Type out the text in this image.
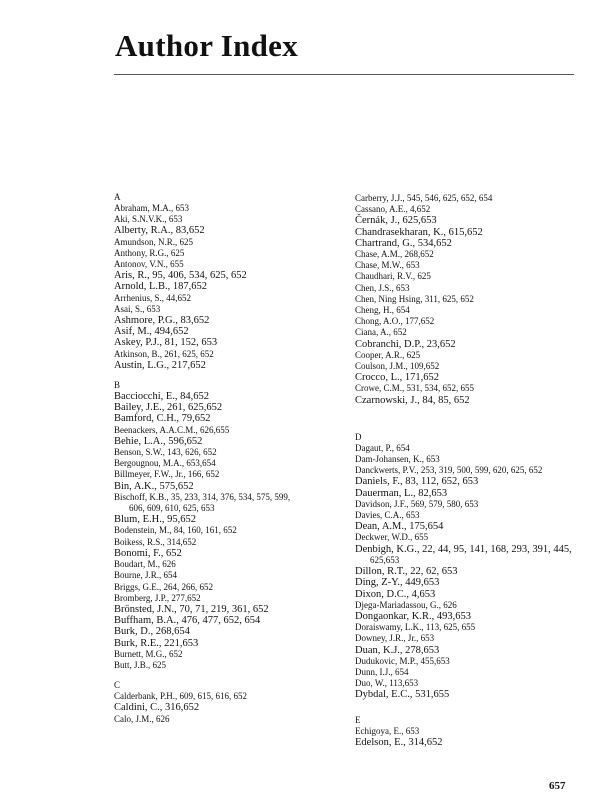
Author Index
A
Abraham, M.A., 653
Aki, S.N.V.K., 653
Alberty, R.A., 83,652
Amundson, N.R., 625
Anthony, R.G., 625
Antonov, V.N., 655
Aris, R., 95, 406, 534, 625, 652
Arnold, L.B., 187,652
Arrhenius, S., 44,652
Asai, S., 653
Ashmore, P.G., 83,652
Asif, M., 494,652
Askey, P.J., 81, 152, 653
Atkinson, B., 261, 625, 652
Austin, L.G., 217,652
B
Bacciocchi, E., 84,652
Bailey, J.E., 261, 625,652
Bamford, C.H., 79,652
Beenackers, A.A.C.M., 626,655
Behie, L.A., 596,652
Benson, S.W., 143, 626, 652
Bergougnou, M.A., 653,654
Billmeyer, F.W., Jr., 166, 652
Bin, A.K., 575,652
Bischoff, K.B., 35, 233, 314, 376, 534, 575, 599,
606, 609, 610, 625, 653
Blum, E.H., 95,652
Bodenstein, M., 84, 160, 161, 652
Boikess, R.S., 314,652
Bonomi, F., 652
Boudart, M., 626
Bourne, J.R., 654
Briggs, G.E., 264, 266, 652
Bromberg, J.P., 277,652
Brönsted, J.N., 70, 71, 219, 361, 652
Buffham, B.A., 476, 477, 652, 654
Burk, D., 268,654
Burk, R.E., 221,653
Burnett, M.G., 652
Butt, J.B., 625
C
Calderbank, P.H., 609, 615, 616, 652
Caldini, C., 316,652
Calo, J.M., 626
Carberry, J.J., 545, 546, 625, 652, 654
Cassano, A.E., 4,652
Černák, J., 625,653
Chandrasekharan, K., 615,652
Chartrand, G., 534,652
Chase, A.M., 268,652
Chase, M.W., 653
Chaudhari, R.V., 625
Chen, J.S., 653
Chen, Ning Hsing, 311, 625, 652
Cheng, H., 654
Chong, A.O., 177,652
Ciana, A., 652
Cobranchi, D.P., 23,652
Cooper, A.R., 625
Coulson, J.M., 109,652
Crocco, L., 171,652
Crowe, C.M., 531, 534, 652, 655
Czarnowski, J., 84, 85, 652
D
Dagaut, P., 654
Dam-Johansen, K., 653
Danckwerts, P.V., 253, 319, 500, 599, 620, 625, 652
Daniels, F., 83, 112, 652, 653
Dauerman, L., 82,653
Davidson, J.F., 569, 579, 580, 653
Davies, C.A., 653
Dean, A.M., 175,654
Deckwer, W.D., 655
Denbigh, K.G., 22, 44, 95, 141, 168, 293, 391, 445,
625,653
Dillon, R.T., 22, 62, 653
Ding, Z-Y., 449,653
Dixon, D.C., 4,653
Djega-Mariadassou, G., 626
Dongaonkar, K.R., 493,653
Doraiswamy, L.K., 113, 625, 655
Downey, J.R., Jr., 653
Duan, K.J., 278,653
Dudukovic, M.P., 455,653
Dunn, I.J., 654
Duo, W., 113,653
Dybdal, E.C., 531,655
E
Echigoya, E., 653
Edelson, E., 314,652
657
